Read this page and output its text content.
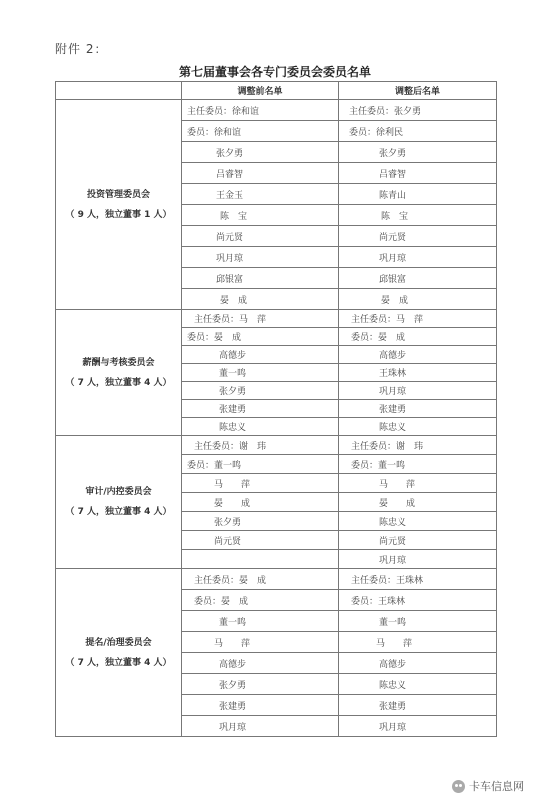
附件 2：
第七届董事会各专门委员会委员名单
	调整前名单	调整后名单

投资管理委员会
（ 9 人，独立董事 1 人）	主任委员：徐和谊	主任委员：张夕勇
	委员：徐和谊	委员：徐利民
	张夕勇	张夕勇
	吕睿智	吕睿智
	王金玉	陈青山
	陈　宝	陈　宝
	尚元贤	尚元贤
	巩月琼	巩月琼
	邱银富	邱银富
	晏　成	晏　成

薪酬与考核委员会
（ 7 人，独立董事 4 人）	主任委员：马　萍	主任委员：马　萍
	委员：晏　成	委员：晏　成
	高德步	高德步
	董一鸣	王珠林
	张夕勇	巩月琼
	张建勇	张建勇
	陈忠义	陈忠义

审计/内控委员会
（ 7 人，独立董事 4 人）	主任委员：谢　玮	主任委员：谢　玮
	委员：董一鸣	委员：董一鸣
	马　　萍	马　　萍
	晏　　成	晏　　成
	张夕勇	陈忠义
	尚元贤	尚元贤
		巩月琼

提名/治理委员会
（ 7 人，独立董事 4 人）	主任委员：晏　成	主任委员：王珠林
	委员：晏　成	委员：王珠林
	董一鸣	董一鸣
	马　　萍	马　　萍
	高德步	高德步
	张夕勇	陈忠义
	张建勇	张建勇
	巩月琼	巩月琼
卡车信息网
